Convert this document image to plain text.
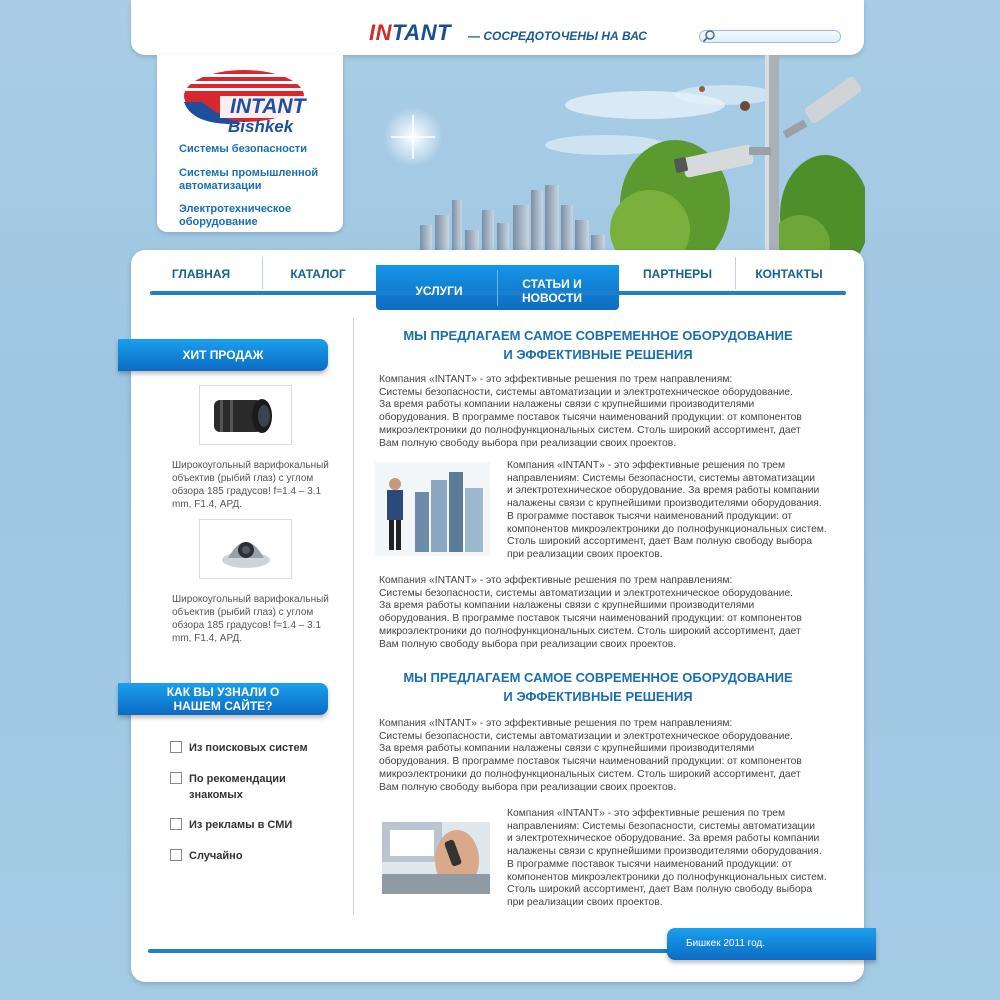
INTANT — СОСРЕДОТОЧЕНЫ НА ВАС
INTANT
Bishkek
Системы безопасности
Системы промышленной автоматизации
Электротехническое оборудование
ГЛАВНАЯ	КАТАЛОГ
УСЛУГИ	СТАТЬИ И НОВОСТИ
ПАРТНЕРЫ	КОНТАКТЫ
ХИТ ПРОДАЖ
Широкоугольный варифокальный объектив (рыбий глаз) с углом обзора 185 градусов! f=1.4 – 3.1 mm, F1.4, АРД.
Широкоугольный варифокальный объектив (рыбий глаз) с углом обзора 185 градусов! f=1.4 – 3.1 mm, F1.4, АРД.
КАК ВЫ УЗНАЛИ О
НАШЕМ САЙТЕ?
Из поисковых систем
По рекомендации знакомых
Из рекламы в СМИ
Случайно
МЫ ПРЕДЛАГАЕМ САМОЕ СОВРЕМЕННОЕ ОБОРУДОВАНИЕ
И ЭФФЕКТИВНЫЕ РЕШЕНИЯ
Компания «INTANT» - это эффективные решения по трем направлениям:
Системы безопасности, системы автоматизации и электротехническое оборудование.
За время работы компании налажены связи с крупнейшими производителями
оборудования. В программе поставок тысячи наименований продукции: от компонентов
микроэлектроники до полнофункциональных систем. Столь широкий ассортимент, дает
Вам полную свободу выбора при реализации своих проектов.
Компания «INTANT» - это эффективные решения по трем
направлениям: Системы безопасности, системы автоматизации
и электротехническое оборудование. За время работы компании
налажены связи с крупнейшими производителями оборудования.
В программе поставок тысячи наименований продукции: от
компонентов микроэлектроники до полнофункциональных систем.
Столь широкий ассортимент, дает Вам полную свободу выбора
при реализации своих проектов.
Компания «INTANT» - это эффективные решения по трем направлениям:
Системы безопасности, системы автоматизации и электротехническое оборудование.
За время работы компании налажены связи с крупнейшими производителями
оборудования. В программе поставок тысячи наименований продукции: от компонентов
микроэлектроники до полнофункциональных систем. Столь широкий ассортимент, дает
Вам полную свободу выбора при реализации своих проектов.
МЫ ПРЕДЛАГАЕМ САМОЕ СОВРЕМЕННОЕ ОБОРУДОВАНИЕ
И ЭФФЕКТИВНЫЕ РЕШЕНИЯ
Компания «INTANT» - это эффективные решения по трем направлениям:
Системы безопасности, системы автоматизации и электротехническое оборудование.
За время работы компании налажены связи с крупнейшими производителями
оборудования. В программе поставок тысячи наименований продукции: от компонентов
микроэлектроники до полнофункциональных систем. Столь широкий ассортимент, дает
Вам полную свободу выбора при реализации своих проектов.
Компания «INTANT» - это эффективные решения по трем
направлениям: Системы безопасности, системы автоматизации
и электротехническое оборудование. За время работы компании
налажены связи с крупнейшими производителями оборудования.
В программе поставок тысячи наименований продукции: от
компонентов микроэлектроники до полнофункциональных систем.
Столь широкий ассортимент, дает Вам полную свободу выбора
при реализации своих проектов.
Бишкек 2011 год.
